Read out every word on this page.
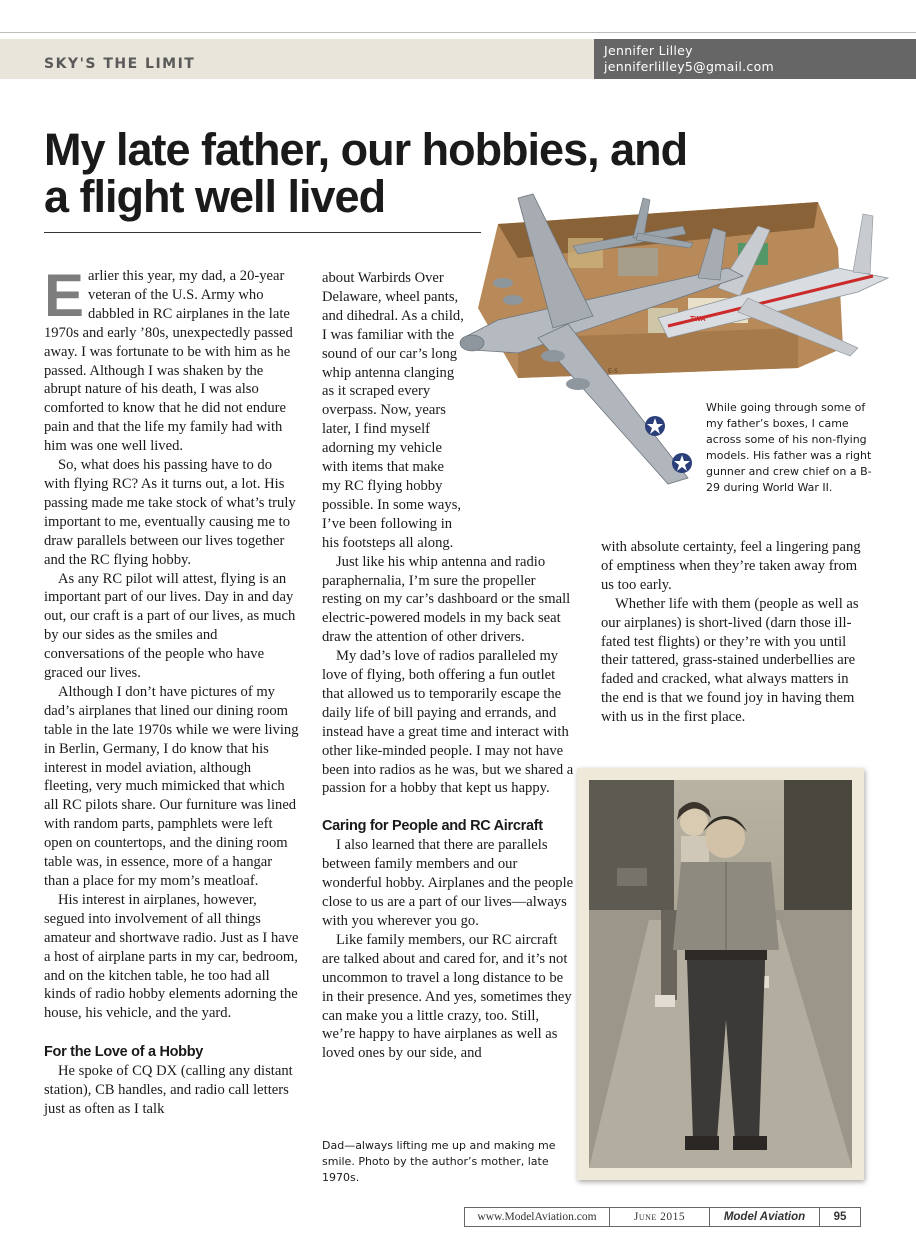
SKY'S THE LIMIT
Jennifer Lilley
jenniferlilley5@gmail.com
My late father, our hobbies, and
a flight well lived
E arlier this year, my dad, a 20-year veteran of the U.S. Army who dabbled in RC airplanes in the late 1970s and early ’80s, unexpectedly passed away. I was fortunate to be with him as he passed. Although I was shaken by the abrupt nature of his death, I was also comforted to know that he did not endure pain and that the life my family had with him was one well lived.

So, what does his passing have to do with flying RC? As it turns out, a lot. His passing made me take stock of what’s truly important to me, eventually causing me to draw parallels between our lives together and the RC flying hobby.

As any RC pilot will attest, flying is an important part of our lives. Day in and day out, our craft is a part of our lives, as much by our sides as the smiles and conversations of the people who have graced our lives.

Although I don’t have pictures of my dad’s airplanes that lined our dining room table in the late 1970s while we were living in Berlin, Germany, I do know that his interest in model aviation, although fleeting, very much mimicked that which all RC pilots share. Our furniture was lined with random parts, pamphlets were left open on countertops, and the dining room table was, in essence, more of a hangar than a place for my mom’s meatloaf.

His interest in airplanes, however, segued into involvement of all things amateur and shortwave radio. Just as I have a host of airplane parts in my car, bedroom, and on the kitchen table, he too had all kinds of radio hobby elements adorning the house, his vehicle, and the yard.

For the Love of a Hobby

He spoke of CQ DX (calling any distant station), CB handles, and radio call letters just as often as I talk

about Warbirds Over Delaware, wheel pants, and dihedral. As a child, I was familiar with the sound of our car’s long whip antenna clanging as it scraped every overpass. Now, years later, I find myself adorning my vehicle with items that make my RC flying hobby possible. In some ways, I’ve been following in his footsteps all along.

Just like his whip antenna and radio paraphernalia, I’m sure the propeller resting on my car’s dashboard or the small electric-powered models in my back seat draw the attention of other drivers.

My dad’s love of radios paralleled my love of flying, both offering a fun outlet that allowed us to temporarily escape the daily life of bill paying and errands, and instead have a great time and interact with other like-minded people. I may not have been into radios as he was, but we shared a passion for a hobby that kept us happy.

Caring for People and RC Aircraft

I also learned that there are parallels between family members and our wonderful hobby. Airplanes and the people close to us are a part of our lives—always with you wherever you go.

Like family members, our RC aircraft are talked about and cared for, and it’s not uncommon to travel a long distance to be in their presence. And yes, sometimes they can make you a little crazy, too. Still, we’re happy to have airplanes as well as loved ones by our side, and

with absolute certainty, feel a lingering pang of emptiness when they’re taken away from us too early.

Whether life with them (people as well as our airplanes) is short-lived (darn those ill-fated test flights) or they’re with you until their tattered, grass-stained underbellies are faded and cracked, what always matters in the end is that we found joy in having them with us in the first place.

E-S
TWA
While going through some of my father’s boxes, I came across some of his non-flying models. His father was a right gunner and crew chief on a B-29 during World War II.
Dad—always lifting me up and making me smile. Photo by the author’s mother, late 1970s.
www.ModelAviation.com	June 2015	Model Aviation	95
